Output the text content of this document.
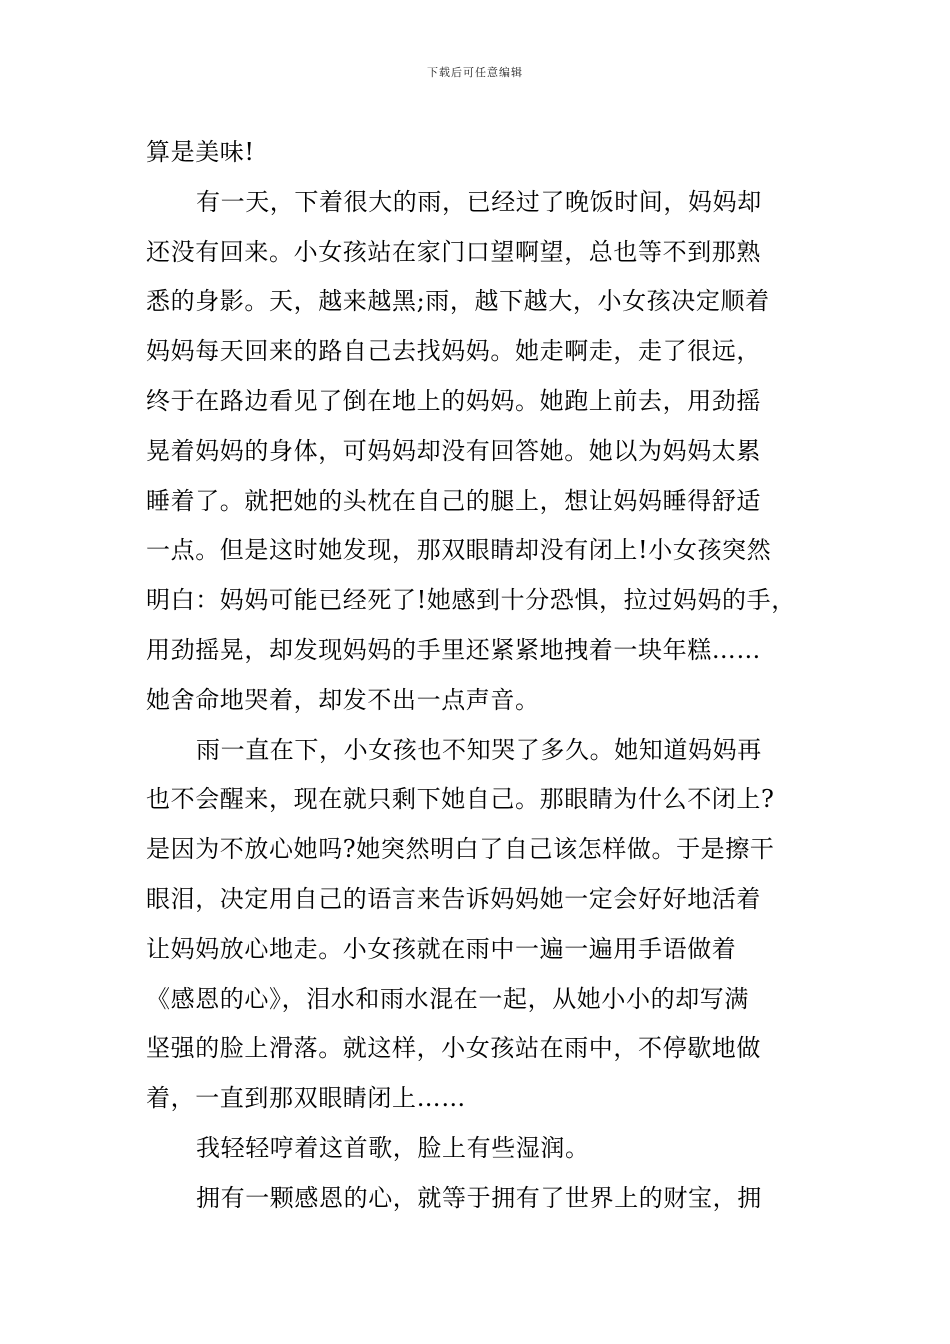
下载后可任意编辑
算是美味!
有一天，下着很大的雨，已经过了晚饭时间，妈妈却
还没有回来。小女孩站在家门口望啊望，总也等不到那熟
悉的身影。天，越来越黑;雨，越下越大，小女孩决定顺着
妈妈每天回来的路自己去找妈妈。她走啊走，走了很远，
终于在路边看见了倒在地上的妈妈。她跑上前去，用劲摇
晃着妈妈的身体，可妈妈却没有回答她。她以为妈妈太累
睡着了。就把她的头枕在自己的腿上，想让妈妈睡得舒适
一点。但是这时她发现，那双眼睛却没有闭上!小女孩突然
明白：妈妈可能已经死了!她感到十分恐惧，拉过妈妈的手，
用劲摇晃，却发现妈妈的手里还紧紧地拽着一块年糕……
她舍命地哭着，却发不出一点声音。
雨一直在下，小女孩也不知哭了多久。她知道妈妈再
也不会醒来，现在就只剩下她自己。那眼睛为什么不闭上?
是因为不放心她吗?她突然明白了自己该怎样做。于是擦干
眼泪，决定用自己的语言来告诉妈妈她一定会好好地活着
让妈妈放心地走。小女孩就在雨中一遍一遍用手语做着
《感恩的心》，泪水和雨水混在一起，从她小小的却写满
坚强的脸上滑落。就这样，小女孩站在雨中，不停歇地做
着，一直到那双眼睛闭上……
我轻轻哼着这首歌，脸上有些湿润。
拥有一颗感恩的心，就等于拥有了世界上的财宝，拥
